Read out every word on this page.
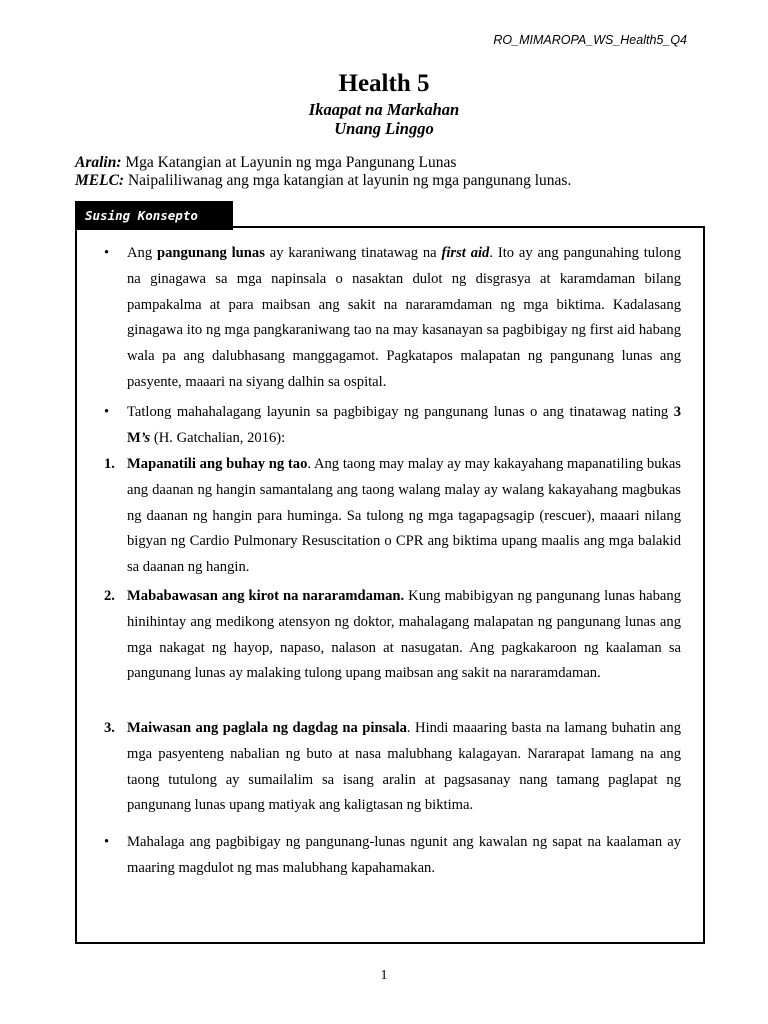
RO_MIMAROPA_WS_Health5_Q4
Health 5
Ikaapat na Markahan
Unang Linggo
Aralin: Mga Katangian at Layunin ng mga Pangunang Lunas
MELC: Naipaliliwanag ang mga katangian at layunin ng mga pangunang lunas.
Susing Konsepto
• Ang pangunang lunas ay karaniwang tinatawag na first aid. Ito ay ang pangunahing tulong na ginagawa sa mga napinsala o nasaktan dulot ng disgrasya at karamdaman bilang pampakalma at para maibsan ang sakit na nararamdaman ng mga biktima. Kadalasang ginagawa ito ng mga pangkaraniwang tao na may kasanayan sa pagbibigay ng first aid habang wala pa ang dalubhasang manggagamot. Pagkatapos malapatan ng pangunang lunas ang pasyente, maaari na siyang dalhin sa ospital.
• Tatlong mahahalagang layunin sa pagbibigay ng pangunang lunas o ang tinatawag nating 3 M’s (H. Gatchalian, 2016):
1. Mapanatili ang buhay ng tao. Ang taong may malay ay may kakayahang mapanatiling bukas ang daanan ng hangin samantalang ang taong walang malay ay walang kakayahang magbukas ng daanan ng hangin para huminga. Sa tulong ng mga tagapagsagip (rescuer), maaari nilang bigyan ng Cardio Pulmonary Resuscitation o CPR ang biktima upang maalis ang mga balakid sa daanan ng hangin.
2. Mababawasan ang kirot na nararamdaman. Kung mabibigyan ng pangunang lunas habang hinihintay ang medikong atensyon ng doktor, mahalagang malapatan ng pangunang lunas ang mga nakagat ng hayop, napaso, nalason at nasugatan. Ang pagkakaroon ng kaalaman sa pangunang lunas ay malaking tulong upang maibsan ang sakit na nararamdaman.
3. Maiwasan ang paglala ng dagdag na pinsala. Hindi maaaring basta na lamang buhatin ang mga pasyenteng nabalian ng buto at nasa malubhang kalagayan. Nararapat lamang na ang taong tutulong ay sumailalim sa isang aralin at pagsasanay nang tamang paglapat ng pangunang lunas upang matiyak ang kaligtasan ng biktima.
• Mahalaga ang pagbibigay ng pangunang-lunas ngunit ang kawalan ng sapat na kaalaman ay maaring magdulot ng mas malubhang kapahamakan.
1
